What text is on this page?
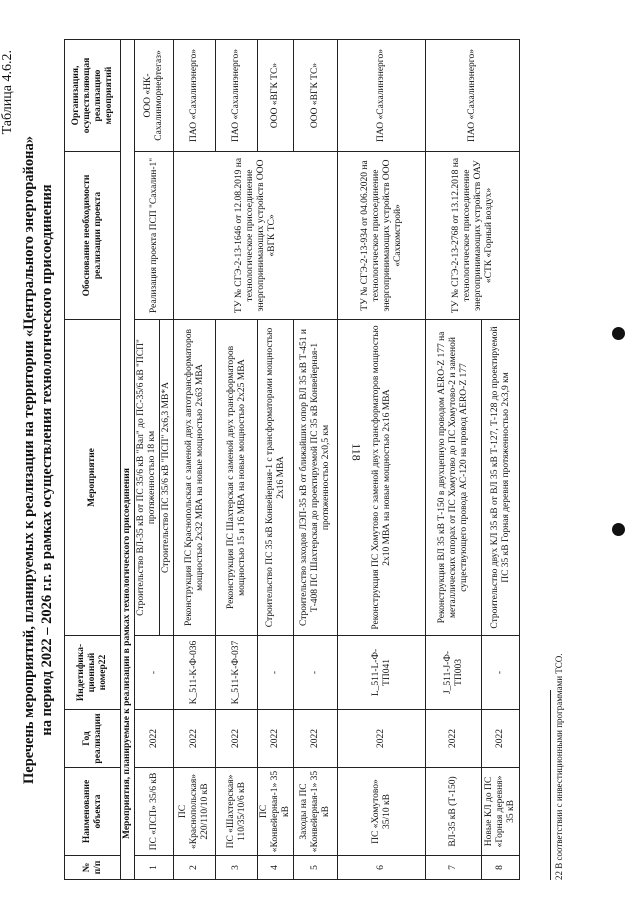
118
Таблица 4.6.2.
Перечень мероприятий, планируемых к реализации на территории «Центрального энергорайона» на период 2022 – 2026 г.г. в рамках осуществления технологического присоединения
№ п/п	Наименование объекта	Год реализации	Индетифика-ционный номер22	Мероприятие	Обоснование необходимости реализации проекта	Организация, осуществляющая реализацию мероприятий
Мероприятия, планируемые к реализации в рамках технологического присоединения						
1	ПС «ПСП» 35/6 кВ	2022	-	Строительство ВЛ-35 кВ от ПС 35/6 кВ "Вал" до ПС-35/6 кВ "ПСП" протяженностью 18 км	Реализация проекта ПСП "Сахалин-1"	ООО «НК-Сахалинморнефтегаз»
				Строительство ПС 35/6 кВ "ПСП" 2х6,3 МВ*А		
2	ПС «Краснопольская» 220/110/10 кВ	2022	K_511-K-Ф-036	Реконструкция ПС Краснопольская с заменой двух автотрансформаторов мощностью 2х32 МВА на новые мощностью 2х63 МВА	ТУ № СГЭ-2-13-1646 от 12.08.2019 на технологическое присоединение энергопринимающих устройств ООО «ВГК ТС»	ПАО «Сахалинэнерго»
3	ПС «Шахтерская» 110/35/10/6 кВ	2022	K_511-K-Ф-037	Реконструкция ПС Шахтерская с заменой двух трансформаторов мощностью 15 и 16 МВА на новые мощностью 2х25 МВА		ПАО «Сахалинэнерго»
4	ПС «Конвейерная-1» 35 кВ	2022	-	Строительство ПС 35 кВ Конвейерная-1 с трансформаторами мощностью 2х16 МВА		ООО «ВГК ТС»
5	Заходы на ПС «Конвейерная-1» 35 кВ	2022	-	Строительство заходов ЛЭП-35 кВ от ближайших опор ВЛ 35 кВ Т-451 и Т-408 ПС Шахтерская до проектируемой ПС 35 кВ Конвейерная-1 протяженностью 2х0,5 км		ООО «ВГК ТС»
6	ПС «Хомутово» 35/10 кВ	2022	L_511-L-Ф-ТП041	Реконструкция ПС Хомутово с заменой двух трансформаторов мощностью 2х10 МВА на новые мощностью 2х16 МВА	ТУ № СГЭ-2-13-934 от 04.06.2020 на технологическое присоединение энергопринимающих устройств ООО «Сахкомстрой»	ПАО «Сахалинэнерго»
7	ВЛ-35 кВ (Т-150)	2022	J_511-J-Ф-ТП003	Реконструкция ВЛ 35 кВ Т-150 в двухцепную проводом AERO-Z 177 на металлических опорах от ПС Хомутово до ПС Хомутово-2 и заменой существующего провода АС-120 на провод AERO-Z 177	ТУ № СГЭ-2-13-2768 от 13.12.2018 на технологическое присоединение энергопринимающих устройств ОАУ «СТК «Горный воздух»	ПАО «Сахалинэнерго»
8	Новые КЛ до ПС «Горная деревня» 35 кВ	2022	-	Строительство двух КЛ 35 кВ от ВЛ 35 кВ Т-127, Т-128 до проектируемой ПС 35 кВ Горная деревня протяженностью 2х3,9 км		
22 В соответствии с инвестиционными программами ТСО.
